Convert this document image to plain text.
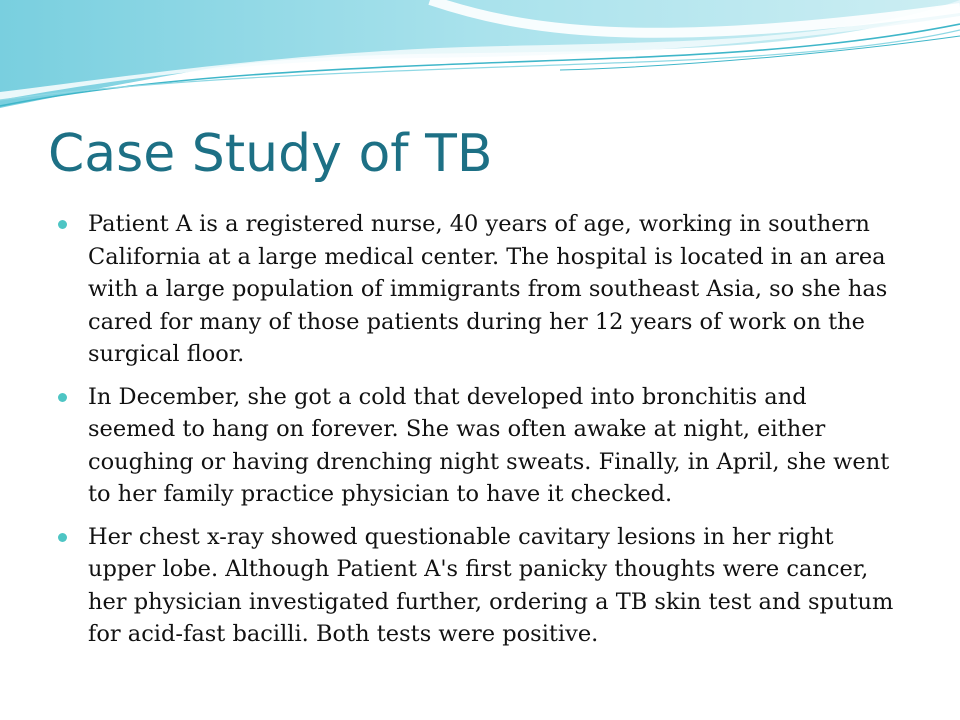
Case Study of TB
Patient A is a registered nurse, 40 years of age, working in southern California at a large medical center. The hospital is located in an area with a large population of immigrants from southeast Asia, so she has cared for many of those patients during her 12 years of work on the surgical floor.
In December, she got a cold that developed into bronchitis and seemed to hang on forever. She was often awake at night, either coughing or having drenching night sweats. Finally, in April, she went to her family practice physician to have it checked.
Her chest x-ray showed questionable cavitary lesions in her right upper lobe. Although Patient A's first panicky thoughts were cancer, her physician investigated further, ordering a TB skin test and sputum for acid-fast bacilli. Both tests were positive.
